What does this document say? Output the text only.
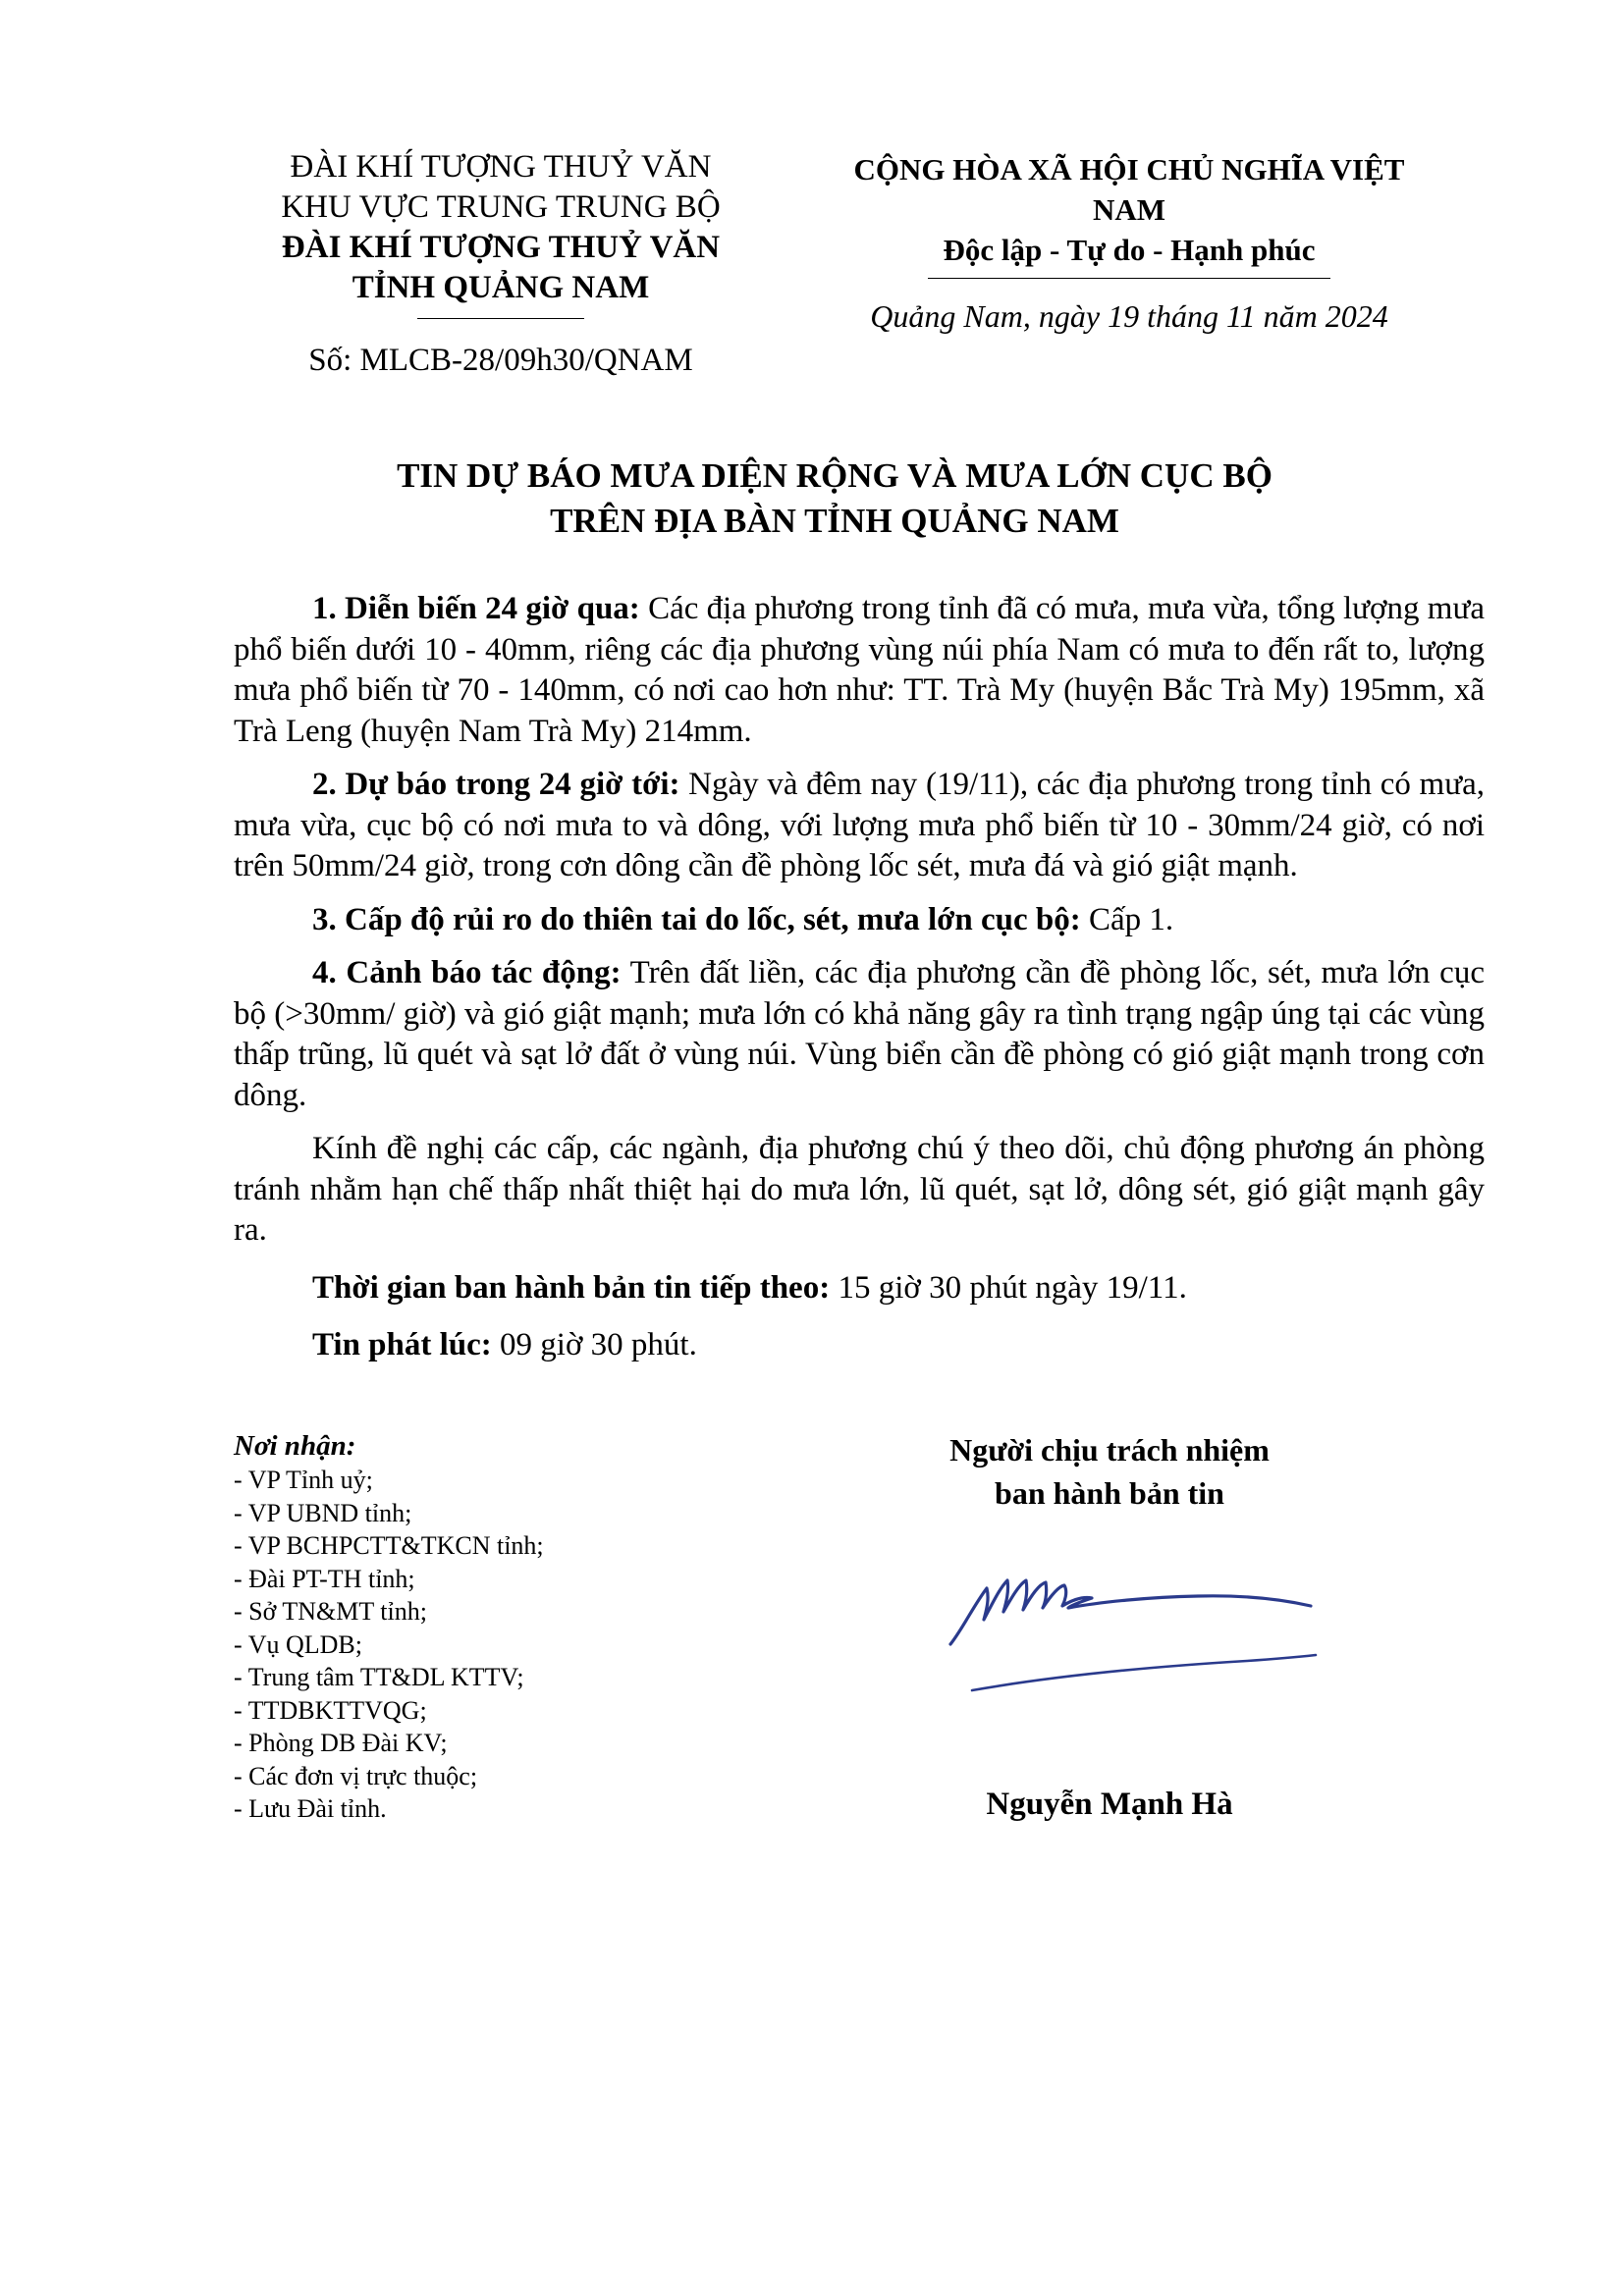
ĐÀI KHÍ TƯỢNG THUỶ VĂN
KHU VỰC TRUNG TRUNG BỘ
ĐÀI KHÍ TƯỢNG THUỶ VĂN
TỈNH QUẢNG NAM
Số: MLCB-28/09h30/QNAM
CỘNG HÒA XÃ HỘI CHỦ NGHĨA VIỆT NAM
Độc lập - Tự do - Hạnh phúc
Quảng Nam, ngày 19 tháng 11 năm 2024
TIN DỰ BÁO MƯA DIỆN RỘNG VÀ MƯA LỚN CỤC BỘ
TRÊN ĐỊA BÀN TỈNH QUẢNG NAM

1. Diễn biến 24 giờ qua: Các địa phương trong tỉnh đã có mưa, mưa vừa, tổng lượng mưa phổ biến dưới 10 - 40mm, riêng các địa phương vùng núi phía Nam có mưa to đến rất to, lượng mưa phổ biến từ 70 - 140mm, có nơi cao hơn như: TT. Trà My (huyện Bắc Trà My) 195mm, xã Trà Leng (huyện Nam Trà My) 214mm.

2. Dự báo trong 24 giờ tới: Ngày và đêm nay (19/11), các địa phương trong tỉnh có mưa, mưa vừa, cục bộ có nơi mưa to và dông, với lượng mưa phổ biến từ 10 - 30mm/24 giờ, có nơi trên 50mm/24 giờ, trong cơn dông cần đề phòng lốc sét, mưa đá và gió giật mạnh.

3. Cấp độ rủi ro do thiên tai do lốc, sét, mưa lớn cục bộ: Cấp 1.

4. Cảnh báo tác động: Trên đất liền, các địa phương cần đề phòng lốc, sét, mưa lớn cục bộ (>30mm/ giờ) và gió giật mạnh; mưa lớn có khả năng gây ra tình trạng ngập úng tại các vùng thấp trũng, lũ quét và sạt lở đất ở vùng núi. Vùng biển cần đề phòng có gió giật mạnh trong cơn dông.

Kính đề nghị các cấp, các ngành, địa phương chú ý theo dõi, chủ động phương án phòng tránh nhằm hạn chế thấp nhất thiệt hại do mưa lớn, lũ quét, sạt lở, dông sét, gió giật mạnh gây ra.

Thời gian ban hành bản tin tiếp theo: 15 giờ 30 phút ngày 19/11.

Tin phát lúc: 09 giờ 30 phút.

Nơi nhận:
- VP Tỉnh uỷ;
- VP UBND tỉnh;
- VP BCHPCTT&TKCN tỉnh;
- Đài PT-TH tỉnh;
- Sở TN&MT tỉnh;
- Vụ QLDB;
- Trung tâm TT&DL KTTV;
- TTDBKTTVQG;
- Phòng DB Đài KV;
- Các đơn vị trực thuộc;
- Lưu Đài tỉnh.
Người chịu trách nhiệm
ban hành bản tin
Nguyễn Mạnh Hà
